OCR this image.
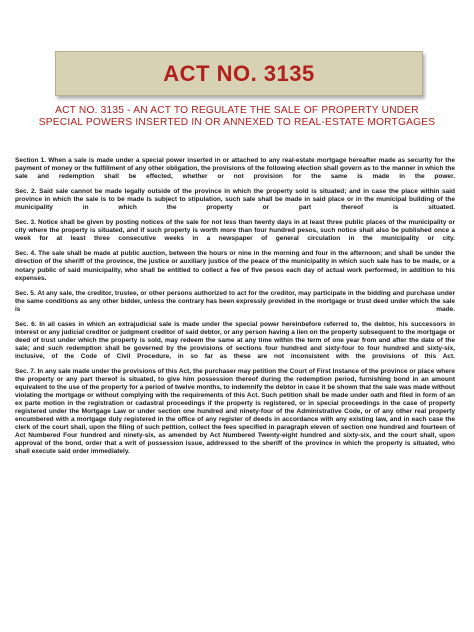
ACT NO. 3135
ACT NO. 3135 - AN ACT TO REGULATE THE SALE OF PROPERTY UNDER
SPECIAL POWERS INSERTED IN OR ANNEXED TO REAL-ESTATE MORTGAGES

Section 1. When a sale is made under a special power inserted in or attached to any real-estate mortgage hereafter made as security for the payment of money or the fulfillment of any other obligation, the provisions of the following election shall govern as to the manner in which the sale and redemption shall be effected, whether or not provision for the same is made in the power.

Sec. 2. Said sale cannot be made legally outside of the province in which the property sold is situated; and in case the place within said province in which the sale is to be made is subject to stipulation, such sale shall be made in said place or in the municipal building of the municipality in which the property or part thereof is situated.

Sec. 3. Notice shall be given by posting notices of the sale for not less than twenty days in at least three public places of the municipality or city where the property is situated, and if such property is worth more than four hundred pesos, such notice shall also be published once a week for at least three consecutive weeks in a newspaper of general circulation in the municipality or city.

Sec. 4. The sale shall be made at public auction, between the hours or nine in the morning and four in the afternoon; and shall be under the direction of the sheriff of the province, the justice or auxiliary justice of the peace of the municipality in which such sale has to be made, or a notary public of said municipality, who shall be entitled to collect a fee of five pesos each day of actual work performed, in addition to his expenses.

Sec. 5. At any sale, the creditor, trustee, or other persons authorized to act for the creditor, may participate in the bidding and purchase under the same conditions as any other bidder, unless the contrary has been expressly provided in the mortgage or trust deed under which the sale is made.

Sec. 6. In all cases in which an extrajudicial sale is made under the special power hereinbefore referred to, the debtor, his successors in interest or any judicial creditor or judgment creditor of said debtor, or any person having a lien on the property subsequent to the mortgage or deed of trust under which the property is sold, may redeem the same at any time within the term of one year from and after the date of the sale; and such redemption shall be governed by the provisions of sections four hundred and sixty-four to four hundred and sixty-six, inclusive, of the Code of Civil Procedure, in so far as these are not inconsistent with the provisions of this Act.

Sec. 7. In any sale made under the provisions of this Act, the purchaser may petition the Court of First Instance of the province or place where the property or any part thereof is situated, to give him possession thereof during the redemption period, furnishing bond in an amount equivalent to the use of the property for a period of twelve months, to indemnify the debtor in case it be shown that the sale was made without violating the mortgage or without complying with the requirements of this Act. Such petition shall be made under oath and filed in form of an ex parte motion in the registration or cadastral proceedings if the property is registered, or in special proceedings in the case of property registered under the Mortgage Law or under section one hundred and ninety-four of the Administrative Code, or of any other real property encumbered with a mortgage duly registered in the office of any register of deeds in accordance with any existing law, and in each case the clerk of the court shall, upon the filing of such petition, collect the fees specified in paragraph eleven of section one hundred and fourteen of Act Numbered Four hundred and ninety-six, as amended by Act Numbered Twenty-eight hundred and sixty-six, and the court shall, upon approval of the bond, order that a writ of possession issue, addressed to the sheriff of the province in which the property is situated, who shall execute said order immediately.
